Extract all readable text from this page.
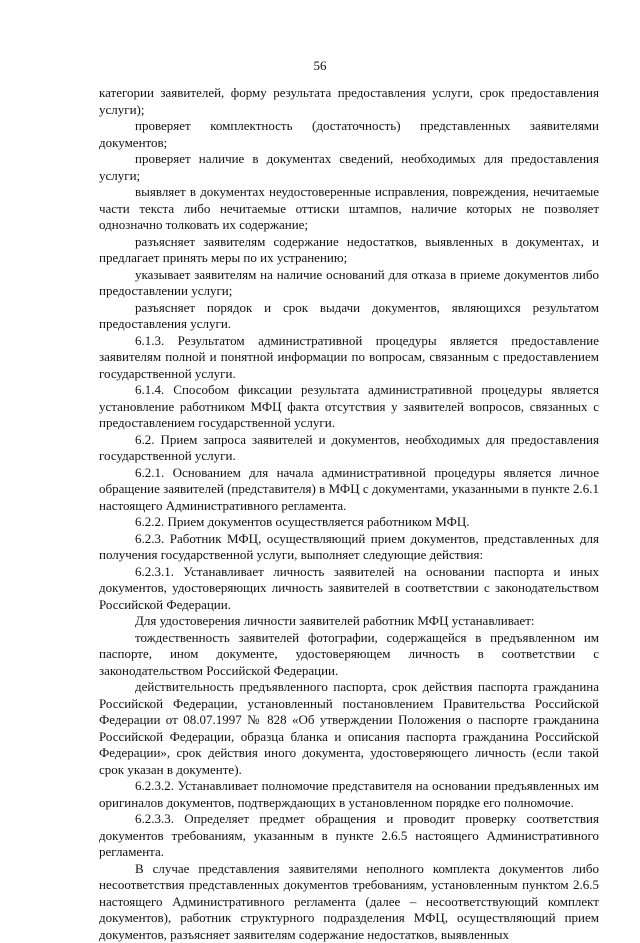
56

категории заявителей, форму результата предоставления услуги, срок предоставления услуги);

проверяет комплектность (достаточность) представленных заявителями документов;

проверяет наличие в документах сведений, необходимых для предоставления услуги;

выявляет в документах неудостоверенные исправления, повреждения, нечитаемые части текста либо нечитаемые оттиски штампов, наличие которых не позволяет однозначно толковать их содержание;

разъясняет заявителям содержание недостатков, выявленных в документах, и предлагает принять меры по их устранению;

указывает заявителям на наличие оснований для отказа в приеме документов либо предоставлении услуги;

разъясняет порядок и срок выдачи документов, являющихся результатом предоставления услуги.

6.1.3. Результатом административной процедуры является предоставление заявителям полной и понятной информации по вопросам, связанным с предоставлением государственной услуги.

6.1.4. Способом фиксации результата административной процедуры является установление работником МФЦ факта отсутствия у заявителей вопросов, связанных с предоставлением государственной услуги.

6.2. Прием запроса заявителей и документов, необходимых для предоставления государственной услуги.

6.2.1. Основанием для начала административной процедуры является личное обращение заявителей (представителя) в МФЦ с документами, указанными в пункте 2.6.1 настоящего Административного регламента.

6.2.2. Прием документов осуществляется работником МФЦ.

6.2.3. Работник МФЦ, осуществляющий прием документов, представленных для получения государственной услуги, выполняет следующие действия:

6.2.3.1. Устанавливает личность заявителей на основании паспорта и иных документов, удостоверяющих личность заявителей в соответствии с законодательством Российской Федерации.

Для удостоверения личности заявителей работник МФЦ устанавливает:

тождественность заявителей фотографии, содержащейся в предъявленном им паспорте, ином документе, удостоверяющем личность в соответствии с законодательством Российской Федерации.

действительность предъявленного паспорта, срок действия паспорта гражданина Российской Федерации, установленный постановлением Правительства Российской Федерации от 08.07.1997 № 828 «Об утверждении Положения о паспорте гражданина Российской Федерации, образца бланка и описания паспорта гражданина Российской Федерации», срок действия иного документа, удостоверяющего личность (если такой срок указан в документе).

6.2.3.2. Устанавливает полномочие представителя на основании предъявленных им оригиналов документов, подтверждающих в установленном порядке его полномочие.

6.2.3.3. Определяет предмет обращения и проводит проверку соответствия документов требованиям, указанным в пункте 2.6.5 настоящего Административного регламента.

В случае представления заявителями неполного комплекта документов либо несоответствия представленных документов требованиям, установленным пунктом 2.6.5 настоящего Административного регламента (далее – несоответствующий комплект документов), работник структурного подразделения МФЦ, осуществляющий прием документов, разъясняет заявителям содержание недостатков, выявленных
